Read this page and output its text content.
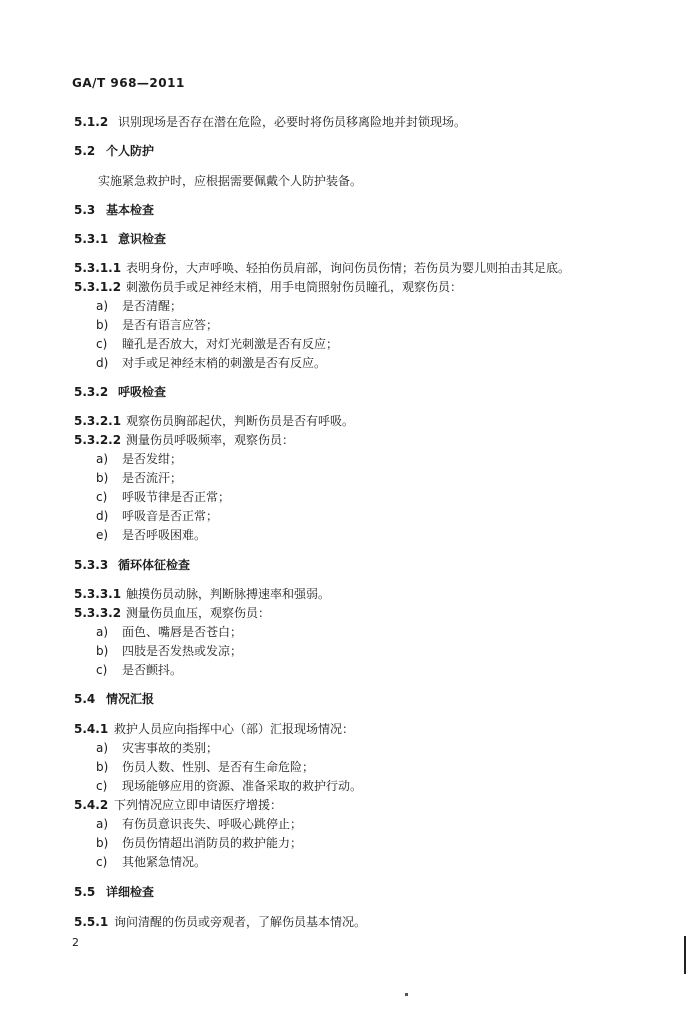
GA/T 968—2011
5.1.2 识别现场是否存在潜在危险，必要时将伤员移离险地并封锁现场。
5.2 个人防护
实施紧急救护时，应根据需要佩戴个人防护装备。
5.3 基本检查
5.3.1 意识检查
5.3.1.1 表明身份，大声呼唤、轻拍伤员肩部，询问伤员伤情；若伤员为婴儿则拍击其足底。
5.3.1.2 刺激伤员手或足神经末梢，用手电筒照射伤员瞳孔，观察伤员：
a) 是否清醒；
b) 是否有语言应答；
c) 瞳孔是否放大，对灯光刺激是否有反应；
d) 对手或足神经末梢的刺激是否有反应。
5.3.2 呼吸检查
5.3.2.1 观察伤员胸部起伏，判断伤员是否有呼吸。
5.3.2.2 测量伤员呼吸频率，观察伤员：
a) 是否发绀；
b) 是否流汗；
c) 呼吸节律是否正常；
d) 呼吸音是否正常；
e) 是否呼吸困难。
5.3.3 循环体征检查
5.3.3.1 触摸伤员动脉，判断脉搏速率和强弱。
5.3.3.2 测量伤员血压，观察伤员：
a) 面色、嘴唇是否苍白；
b) 四肢是否发热或发凉；
c) 是否颤抖。
5.4 情况汇报
5.4.1 救护人员应向指挥中心（部）汇报现场情况：
a) 灾害事故的类别；
b) 伤员人数、性别、是否有生命危险；
c) 现场能够应用的资源、准备采取的救护行动。
5.4.2 下列情况应立即申请医疗增援：
a) 有伤员意识丧失、呼吸心跳停止；
b) 伤员伤情超出消防员的救护能力；
c) 其他紧急情况。
5.5 详细检查
5.5.1 询问清醒的伤员或旁观者，了解伤员基本情况。
2
